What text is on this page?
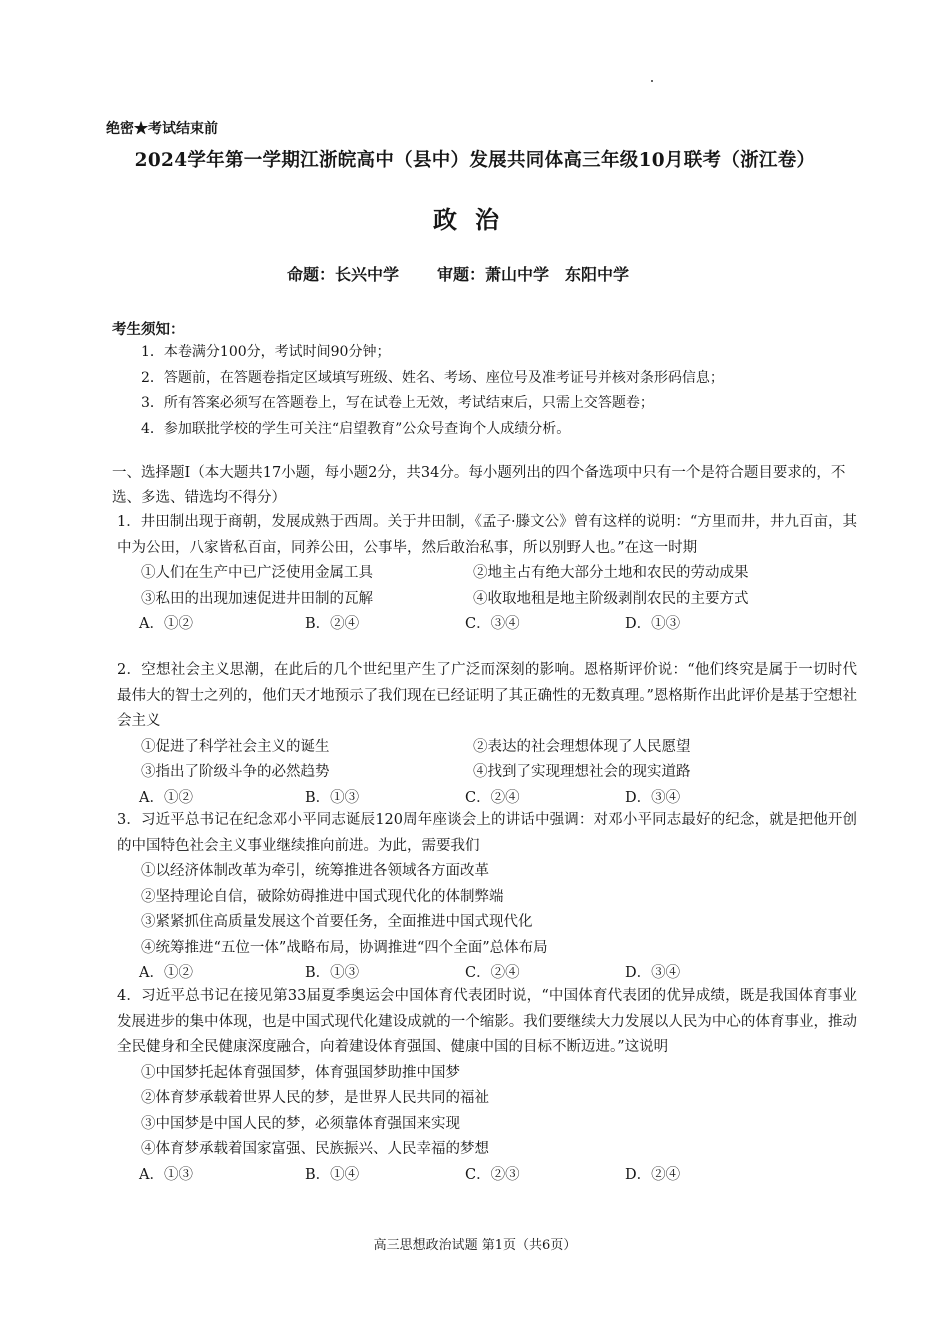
绝密★考试结束前
2024学年第一学期江浙皖高中（县中）发展共同体高三年级10月联考（浙江卷）
政治
命题：长兴中学 审题：萧山中学　东阳中学
考生须知：
1．本卷满分100分，考试时间90分钟；
2．答题前，在答题卷指定区域填写班级、姓名、考场、座位号及准考证号并核对条形码信息；
3．所有答案必须写在答题卷上，写在试卷上无效，考试结束后，只需上交答题卷；
4．参加联批学校的学生可关注“启望教育”公众号查询个人成绩分析。
一、选择题Ⅰ（本大题共17小题，每小题2分，共34分。每小题列出的四个备选项中只有一个是符合题目要求的，不选、多选、错选均不得分）
1．井田制出现于商朝，发展成熟于西周。关于井田制，《孟子·滕文公》曾有这样的说明：“方里而井，井九百亩，其中为公田，八家皆私百亩，同养公田，公事毕，然后敢治私事，所以别野人也。”在这一时期
①人们在生产中已广泛使用金属工具	②地主占有绝大部分土地和农民的劳动成果
③私田的出现加速促进井田制的瓦解	④收取地租是地主阶级剥削农民的主要方式
A．①②	B．②④	C．③④	D．①③
2．空想社会主义思潮，在此后的几个世纪里产生了广泛而深刻的影响。恩格斯评价说：“他们终究是属于一切时代最伟大的智士之列的，他们天才地预示了我们现在已经证明了其正确性的无数真理。”恩格斯作出此评价是基于空想社会主义
①促进了科学社会主义的诞生	②表达的社会理想体现了人民愿望
③指出了阶级斗争的必然趋势	④找到了实现理想社会的现实道路
A．①②	B．①③	C．②④	D．③④
3．习近平总书记在纪念邓小平同志诞辰120周年座谈会上的讲话中强调：对邓小平同志最好的纪念，就是把他开创的中国特色社会主义事业继续推向前进。为此，需要我们
①以经济体制改革为牵引，统筹推进各领域各方面改革
②坚持理论自信，破除妨碍推进中国式现代化的体制弊端
③紧紧抓住高质量发展这个首要任务，全面推进中国式现代化
④统筹推进“五位一体”战略布局，协调推进“四个全面”总体布局
A．①②	B．①③	C．②④	D．③④
4．习近平总书记在接见第33届夏季奥运会中国体育代表团时说，“中国体育代表团的优异成绩，既是我国体育事业发展进步的集中体现，也是中国式现代化建设成就的一个缩影。我们要继续大力发展以人民为中心的体育事业，推动全民健身和全民健康深度融合，向着建设体育强国、健康中国的目标不断迈进。”这说明
①中国梦托起体育强国梦，体育强国梦助推中国梦
②体育梦承载着世界人民的梦，是世界人民共同的福祉
③中国梦是中国人民的梦，必须靠体育强国来实现
④体育梦承载着国家富强、民族振兴、人民幸福的梦想
A．①③	B．①④	C．②③	D．②④
高三思想政治试题 第1页（共6页）
